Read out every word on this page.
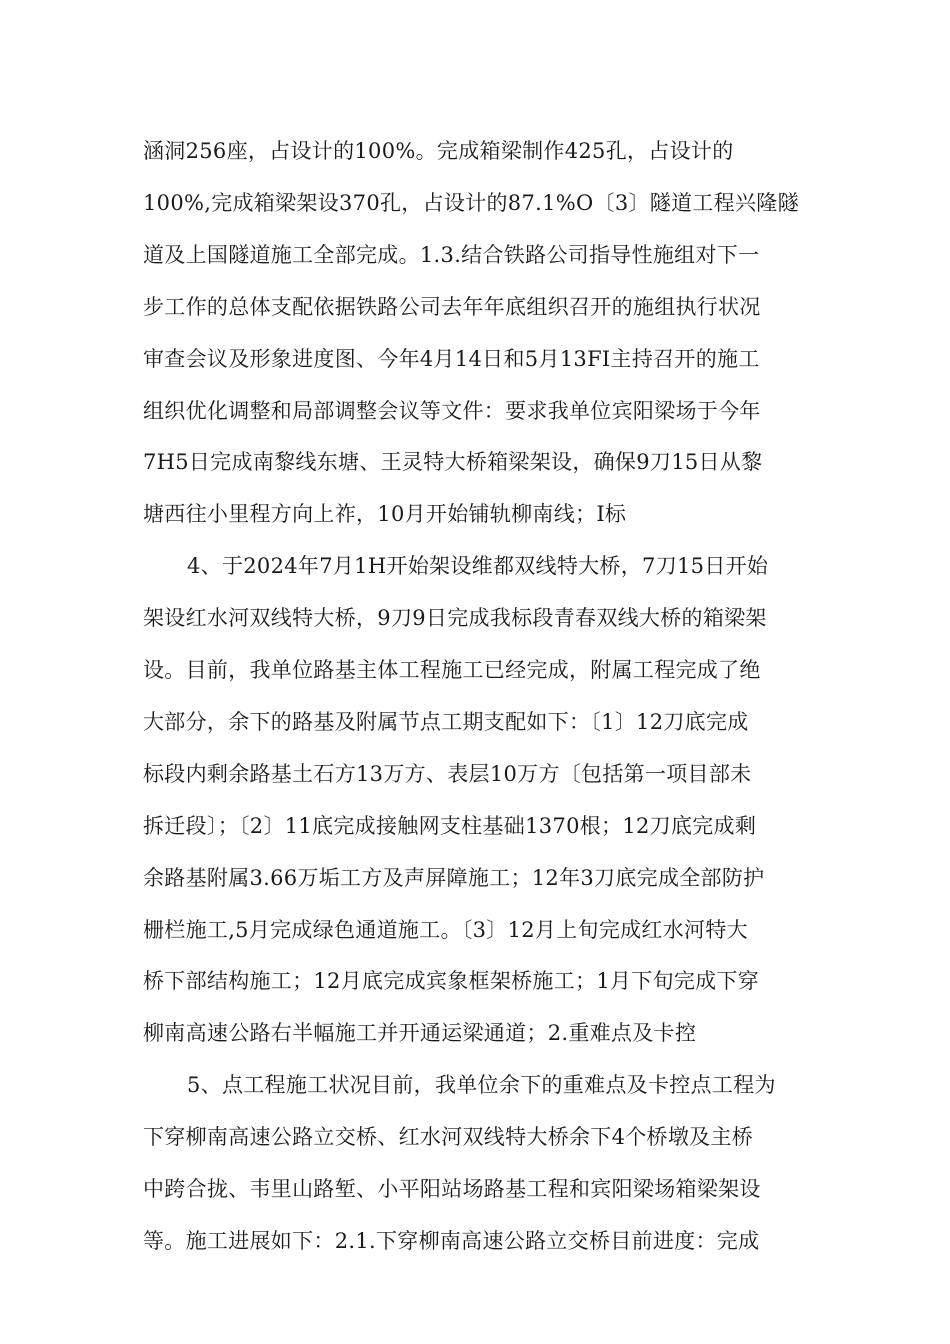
涵洞256座，占设计的100%。完成箱梁制作425孔，占设计的
100%,完成箱梁架设370孔，占设计的87.1%O〔3〕隧道工程兴隆隧
道及上国隧道施工全部完成。1.3.结合铁路公司指导性施组对下一
步工作的总体支配依据铁路公司去年年底组织召开的施组执行状况
审查会议及形象进度图、今年4月14日和5月13FI主持召开的施工
组织优化调整和局部调整会议等文件：要求我单位宾阳梁场于今年
7H5日完成南黎线东塘、王灵特大桥箱梁架设，确保9刀15日从黎
塘西往小里程方向上祚，10月开始铺轨柳南线；I标
4、于2024年7月1H开始架设维都双线特大桥，7刀15日开始
架设红水河双线特大桥，9刀9日完成我标段青春双线大桥的箱梁架
设。目前，我单位路基主体工程施工已经完成，附属工程完成了绝
大部分，余下的路基及附属节点工期支配如下：〔1〕12刀底完成
标段内剩余路基土石方13万方、表层10万方〔包括第一项目部未
拆迁段〕；〔2〕11底完成接触网支柱基础1370根；12刀底完成剩
余路基附属3.66万垢工方及声屏障施工；12年3刀底完成全部防护
栅栏施工,5月完成绿色通道施工。〔3〕12月上旬完成红水河特大
桥下部结构施工；12月底完成宾象框架桥施工；1月下旬完成下穿
柳南高速公路右半幅施工并开通运梁通道；2.重难点及卡控
5、点工程施工状况目前，我单位余下的重难点及卡控点工程为
下穿柳南高速公路立交桥、红水河双线特大桥余下4个桥墩及主桥
中跨合拢、韦里山路堑、小平阳站场路基工程和宾阳梁场箱梁架设
等。施工进展如下：2.1.下穿柳南高速公路立交桥目前进度：完成
